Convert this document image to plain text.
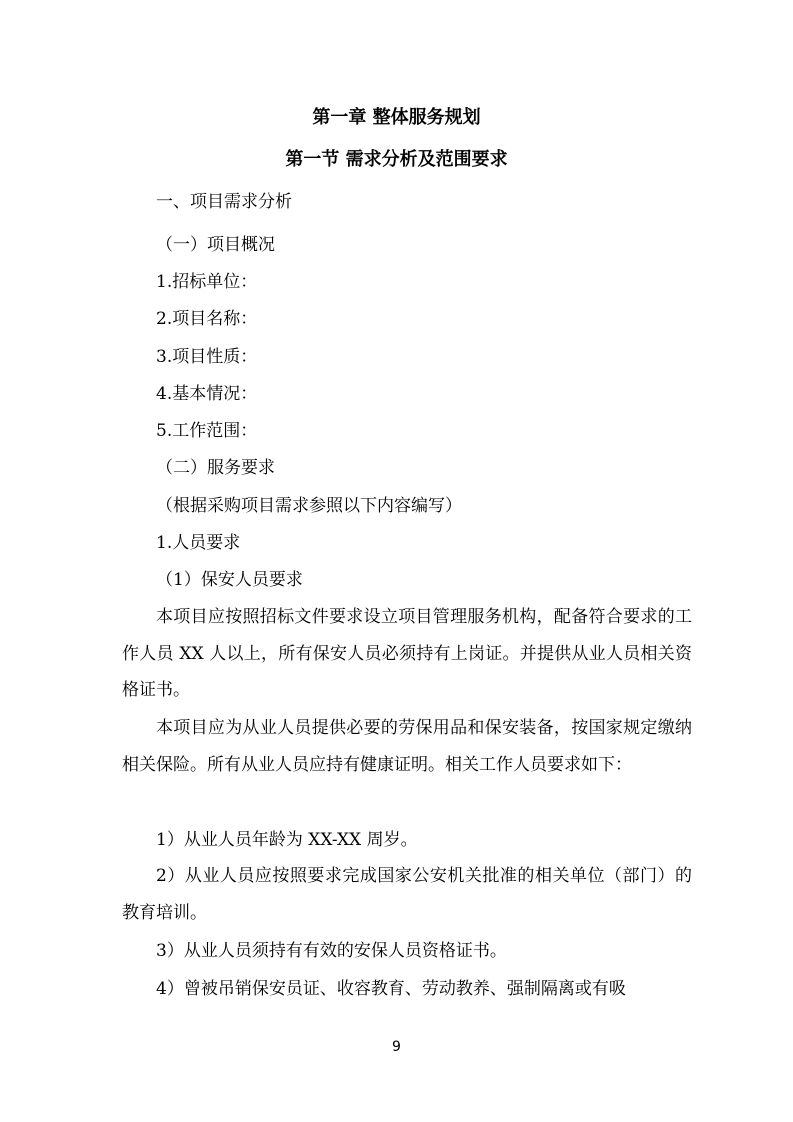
第一章 整体服务规划
第一节 需求分析及范围要求
一、项目需求分析
（一）项目概况
1.招标单位：
2.项目名称：
3.项目性质：
4.基本情况：
5.工作范围：
（二）服务要求
（根据采购项目需求参照以下内容编写）
1.人员要求
（1）保安人员要求
本项目应按照招标文件要求设立项目管理服务机构，配备符合要求的工作人员 XX 人以上，所有保安人员必须持有上岗证。并提供从业人员相关资格证书。
本项目应为从业人员提供必要的劳保用品和保安装备，按国家规定缴纳相关保险。所有从业人员应持有健康证明。相关工作人员要求如下：
1）从业人员年龄为 XX-XX 周岁。
2）从业人员应按照要求完成国家公安机关批准的相关单位（部门）的教育培训。
3）从业人员须持有有效的安保人员资格证书。
4）曾被吊销保安员证、收容教育、劳动教养、强制隔离或有吸
9
